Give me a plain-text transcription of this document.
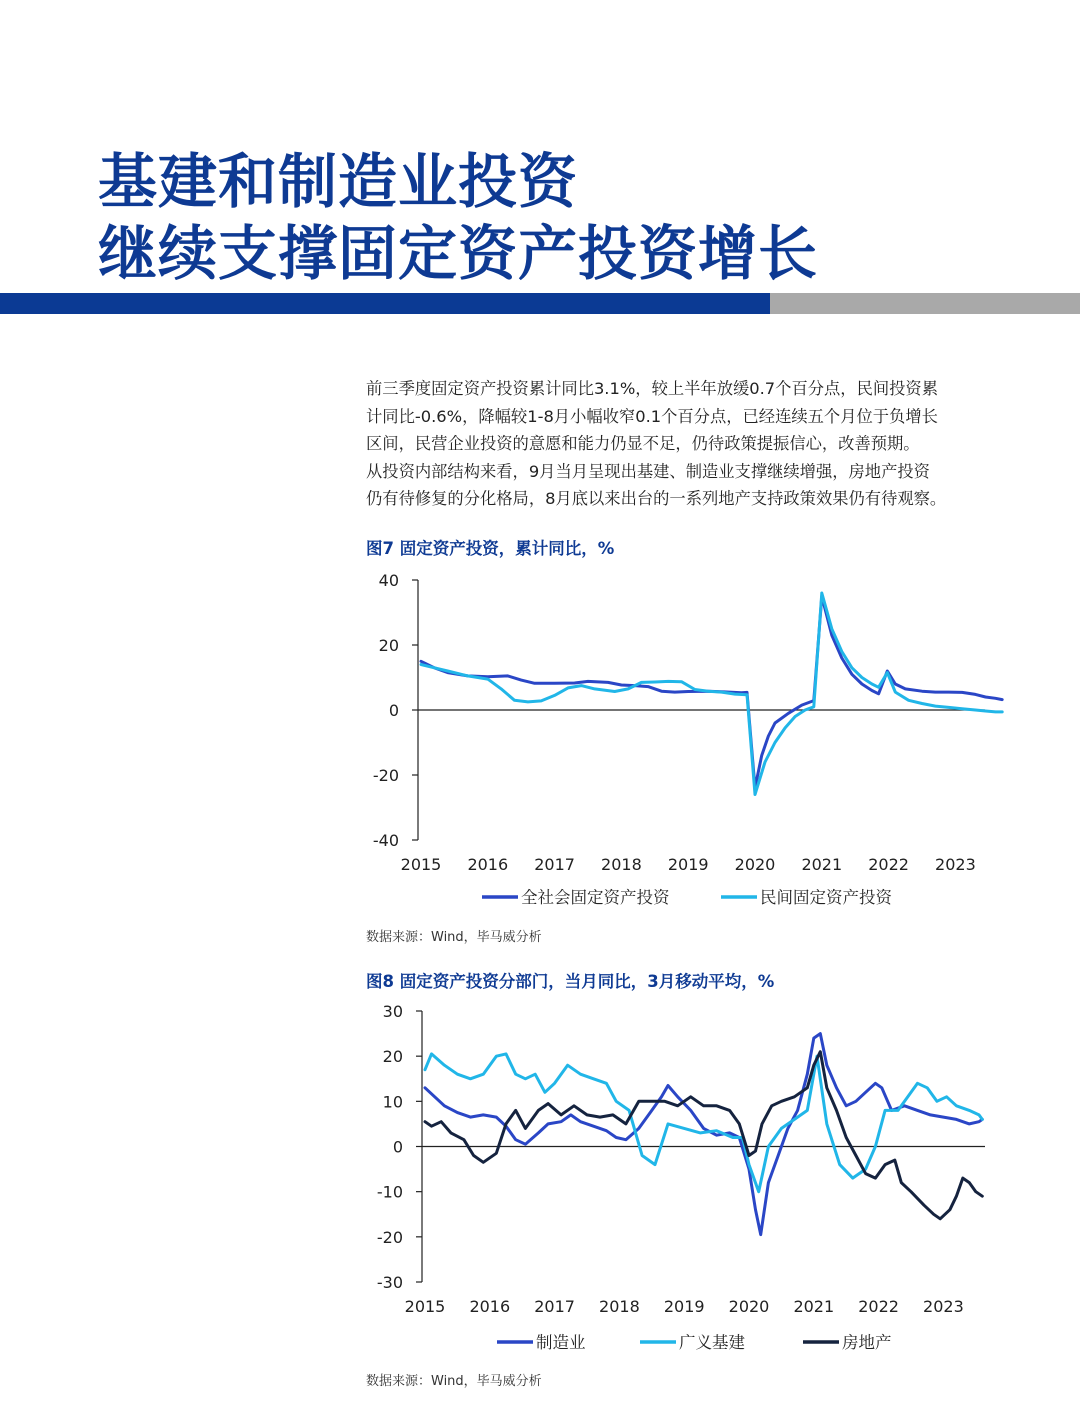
基建和制造业投资
继续支撑固定资产投资增长
前三季度固定资产投资累计同比3.1%，较上半年放缓0.7个百分点，民间投资累
计同比-0.6%，降幅较1-8月小幅收窄0.1个百分点，已经连续五个月位于负增长
区间，民营企业投资的意愿和能力仍显不足，仍待政策提振信心，改善预期。
从投资内部结构来看，9月当月呈现出基建、制造业支撑继续增强，房地产投资
仍有待修复的分化格局，8月底以来出台的一系列地产支持政策效果仍有待观察。

图7 固定资产投资，累计同比，%

-40
-20
0
20
40
2015 2016 2017 2018 2019 2020 2021 2022 2023
全社会固定资产投资	民间固定资产投资

数据来源：Wind，毕马威分析

图8 固定资产投资分部门，当月同比，3月移动平均，%

-30
-20
-10
0
10
20
30
2015 2016 2017 2018 2019 2020 2021 2022 2023
制造业	广义基建	房地产

数据来源：Wind，毕马威分析
